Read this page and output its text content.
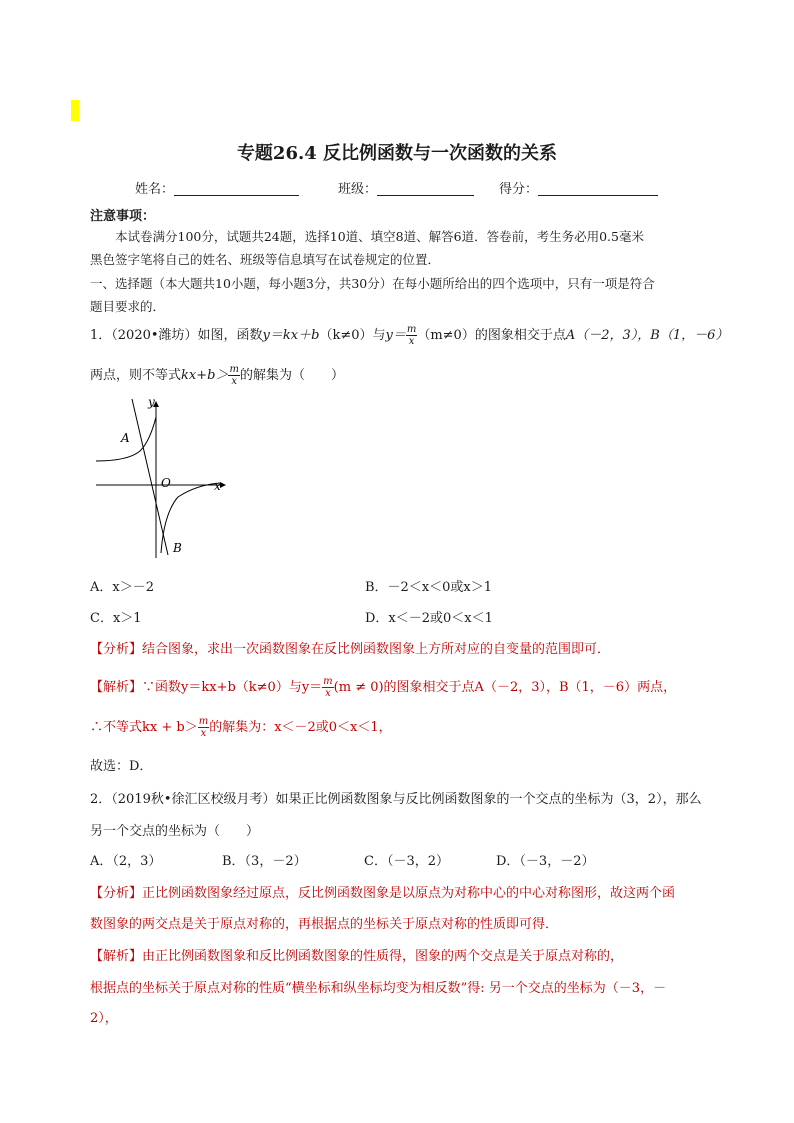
专题26.4 反比例函数与一次函数的关系
姓名：	班级：	得分：
注意事项：
本试卷满分100分，试题共24题，选择10道、填空8道、解答6道．答卷前，考生务必用0.5毫米
黑色签字笔将自己的姓名、班级等信息填写在试卷规定的位置．
一、选择题（本大题共10小题，每小题3分，共30分）在每小题所给出的四个选项中，只有一项是符合
题目要求的．
1．（2020•潍坊）如图，函数y＝kx＋b（k≠0）与$y= \frac{m}{x} (m\ne 0)$的图象相交于点A（－2，3），B（1，－6）
两点，则不等式$kx+b> \frac{m}{x}$ 的解集为（　　）
y
x
O
A
B
A．x＞－2	B．－2＜x＜0或x＞1
C．x＞1	D．x＜－2或0＜x＜1
【分析】结合图象，求出一次函数图象在反比例函数图象上方所对应的自变量的范围即可．
【解析】∵函数y＝kx+b（k≠0）与$y= \frac{m}{x} (m \ne 0)$的图象相交于点A（－2，3），B（1，－6）两点，
∴不等式kx + $b> \frac{m}{x}$ 的解集为：x＜－2或0＜x＜1，
故选：D．
2．（2019秋•徐汇区校级月考）如果正比例函数图象与反比例函数图象的一个交点的坐标为（3，2），那么
另一个交点的坐标为（　　）
A．（2，3）	B．（3，－2）	C．（－3，2）	D．（－3，－2）
【分析】正比例函数图象经过原点，反比例函数图象是以原点为对称中心的中心对称图形，故这两个函
数图象的两交点是关于原点对称的，再根据点的坐标关于原点对称的性质即可得．
【解析】由正比例函数图象和反比例函数图象的性质得，图象的两个交点是关于原点对称的，
根据点的坐标关于原点对称的性质“横坐标和纵坐标均变为相反数”得: 另一个交点的坐标为（－3，－
2），
